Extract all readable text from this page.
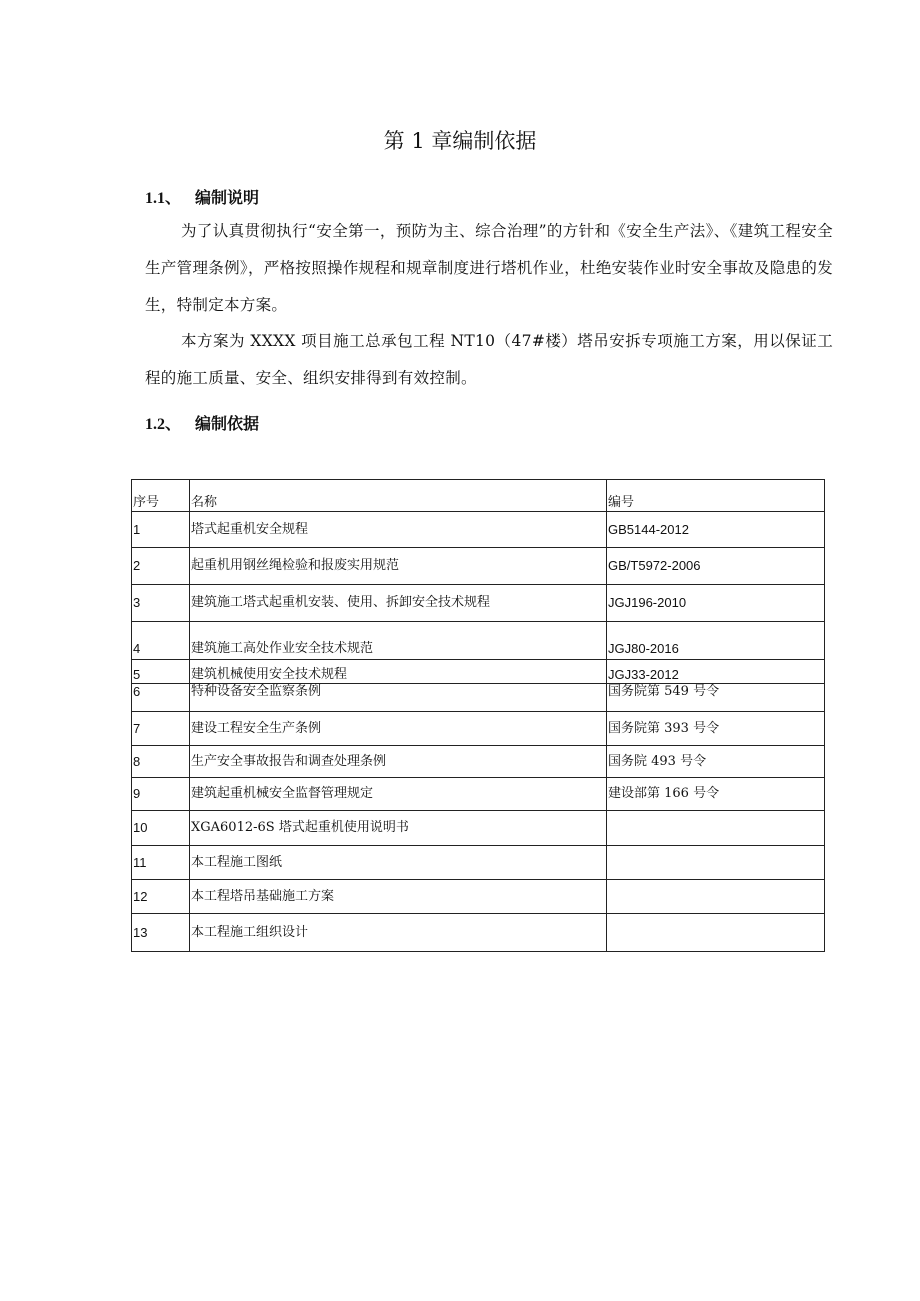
第 1 章编制依据
1.1、 编制说明
为了认真贯彻执行“安全第一，预防为主、综合治理”的方针和《安全生产法》、《建筑工程安全生产管理条例》，严格按照操作规程和规章制度进行塔机作业，杜绝安装作业时安全事故及隐患的发生，特制定本方案。
本方案为 XXXX 项目施工总承包工程 NT10（47#楼）塔吊安拆专项施工方案，用以保证工程的施工质量、安全、组织安排得到有效控制。
1.2、 编制依据
序号	名称	编号
1	塔式起重机安全规程	GB5144-2012
2	起重机用钢丝绳检验和报废实用规范	GB/T5972-2006
3	建筑施工塔式起重机安装、使用、拆卸安全技术规程	JGJ196-2010
4	建筑施工高处作业安全技术规范	JGJ80-2016
5	建筑机械使用安全技术规程	JGJ33-2012
6	特种设备安全监察条例	国务院第 549 号令
7	建设工程安全生产条例	国务院第 393 号令
8	生产安全事故报告和调查处理条例	国务院 493 号令
9	建筑起重机械安全监督管理规定	建设部第 166 号令
10	XGA6012-6S 塔式起重机使用说明书	
11	本工程施工图纸	
12	本工程塔吊基础施工方案	
13	本工程施工组织设计	
